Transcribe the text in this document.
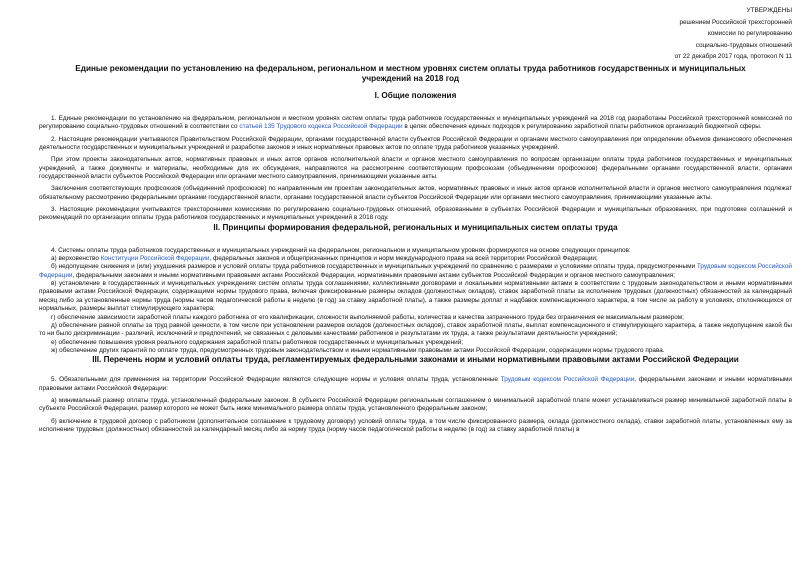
УТВЕРЖДЕНЫ
решением Российской трехсторонней
комиссии по регулированию
социально-трудовых отношений
от 22 декабря 2017 года, протокол N 11
Единые рекомендации по установлению на федеральном, региональном и местном уровнях систем оплаты труда работников государственных и муниципальных учреждений на 2018 год
I. Общие положения

1. Единые рекомендации по установлению на федеральном, региональном и местном уровнях систем оплаты труда работников государственных и муниципальных учреждений на 2018 год разработаны Российской трехсторонней комиссией по регулированию социально-трудовых отношений в соответствии со статьей 135 Трудового кодекса Российской Федерации в целях обеспечения единых подходов к регулированию заработной платы работников организаций бюджетной сферы.

2. Настоящие рекомендации учитываются Правительством Российской Федерации, органами государственной власти субъектов Российской Федерации и органами местного самоуправления при определении объемов финансового обеспечения деятельности государственных и муниципальных учреждений и разработке законов и иных нормативных правовых актов по оплате труда работников указанных учреждений.

При этом проекты законодательных актов, нормативных правовых и иных актов органов исполнительной власти и органов местного самоуправления по вопросам организации оплаты труда работников государственных и муниципальных учреждений, а также документы и материалы, необходимые для их обсуждения, направляются на рассмотрение соответствующим профсоюзам (объединениям профсоюзов) федеральными органами государственной власти, органами государственной власти субъектов Российской Федерации или органами местного самоуправления, принимающими указанные акты.

Заключения соответствующих профсоюзов (объединений профсоюзов) по направленным им проектам законодательных актов, нормативных правовых и иных актов органов исполнительной власти и органов местного самоуправления подлежат обязательному рассмотрению федеральными органами государственной власти, органами государственной власти субъектов Российской Федерации или органами местного самоуправления, принимающими указанные акты.

3. Настоящие рекомендации учитываются трехсторонними комиссиями по регулированию социально-трудовых отношений, образованными в субъектах Российской Федерации и муниципальных образованиях, при подготовке соглашений и рекомендаций по организации оплаты труда работников государственных и муниципальных учреждений в 2018 году.

II. Принципы формирования федеральной, региональных и муниципальных систем оплаты труда

4. Системы оплаты труда работников государственных и муниципальных учреждений на федеральном, региональном и муниципальном уровнях формируются на основе следующих принципов:

а) верховенство Конституции Российской Федерации, федеральных законов и общепризнанных принципов и норм международного права на всей территории Российской Федерации;

б) недопущение снижения и (или) ухудшения размеров и условий оплаты труда работников государственных и муниципальных учреждений по сравнению с размерами и условиями оплаты труда, предусмотренными Трудовым кодексом Российской Федерации, федеральными законами и иными нормативными правовыми актами Российской Федерации, нормативными правовыми актами субъектов Российской Федерации и органов местного самоуправления;

в) установление в государственных и муниципальных учреждениях систем оплаты труда соглашениями, коллективными договорами и локальными нормативными актами в соответствии с трудовым законодательством и иными нормативными правовыми актами Российской Федерации, содержащими нормы трудового права, включая фиксированные размеры окладов (должностных окладов), ставок заработной платы за исполнение трудовых (должностных) обязанностей за календарный месяц либо за установленные нормы труда (нормы часов педагогической работы в неделю (в год) за ставку заработной платы), а также размеры доплат и надбавок компенсационного характера, в том числе за работу в условиях, отклоняющихся от нормальных, размеры выплат стимулирующего характера;

г) обеспечение зависимости заработной платы каждого работника от его квалификации, сложности выполняемой работы, количества и качества затраченного труда без ограничения ее максимальным размером;

д) обеспечение равной оплаты за труд равной ценности, в том числе при установлении размеров окладов (должностных окладов), ставок заработной платы, выплат компенсационного и стимулирующего характера, а также недопущение какой бы то ни было дискриминации - различий, исключений и предпочтений, не связанных с деловыми качествами работников и результатами их труда, а также результатами деятельности учреждений;

е) обеспечение повышения уровня реального содержания заработной платы работников государственных и муниципальных учреждений;

ж) обеспечение других гарантий по оплате труда, предусмотренных трудовым законодательством и иными нормативными правовыми актами Российской Федерации, содержащими нормы трудового права.

III. Перечень норм и условий оплаты труда, регламентируемых федеральными законами и иными нормативными правовыми актами Российской Федерации

5. Обязательными для применения на территории Российской Федерации являются следующие нормы и условия оплаты труда, установленные Трудовым кодексом Российской Федерации, федеральными законами и иными нормативными правовыми актами Российской Федерации:

а) минимальный размер оплаты труда, установленный федеральным законом. В субъекте Российской Федерации региональным соглашением о минимальной заработной плате может устанавливаться размер минимальной заработной платы в субъекте Российской Федерации, размер которого не может быть ниже минимального размера оплаты труда, установленного федеральным законом;

б) включение в трудовой договор с работником (дополнительное соглашение к трудовому договору) условий оплаты труда, в том числе фиксированного размера, оклада (должностного оклада), ставки заработной платы, установленных ему за исполнение трудовых (должностных) обязанностей за календарный месяц либо за норму труда (норму часов педагогической работы в неделю (в год) за ставку заработной платы) в
